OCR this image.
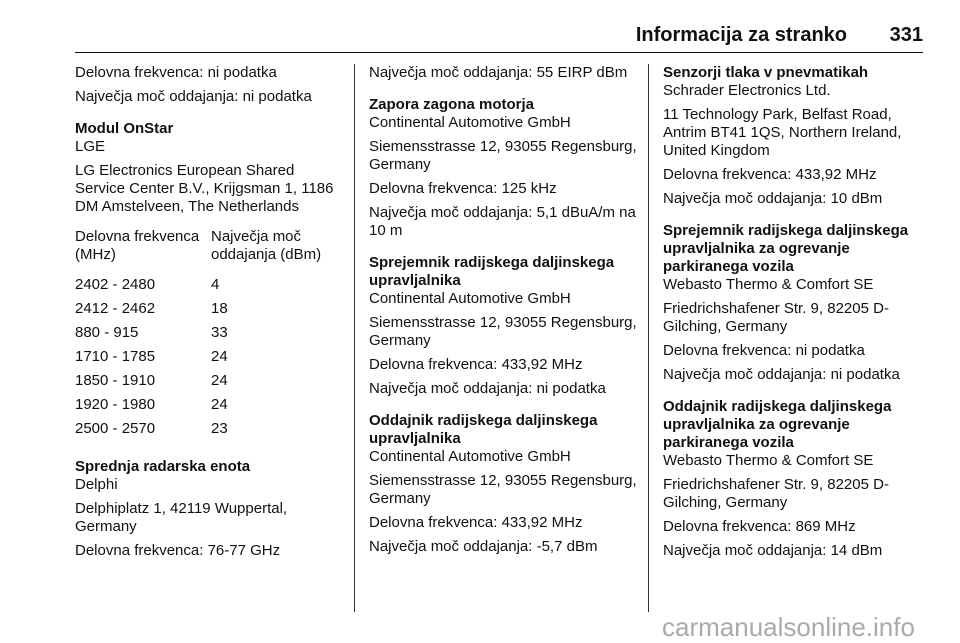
Informacija za stranko 331

Delovna frekvenca: ni podatka

Največja moč oddajanja: ni podatka

Modul OnStar

LGE

LG Electronics European Shared Service Center B.V., Krijgsman 1, 1186 DM Amstelveen, The Netherlands

Delovna frekvenca (MHz)	Največja moč oddajanja (dBm)
2402 - 2480	4
2412 - 2462	18
880 - 915	33
1710 - 1785	24
1850 - 1910	24
1920 - 1980	24
2500 - 2570	23

Sprednja radarska enota

Delphi

Delphiplatz 1, 42119 Wuppertal, Germany

Delovna frekvenca: 76-77 GHz

Največja moč oddajanja: 55 EIRP dBm

Zapora zagona motorja

Continental Automotive GmbH

Siemensstrasse 12, 93055 Regensburg, Germany

Delovna frekvenca: 125 kHz

Največja moč oddajanja: 5,1 dBuA/m na 10 m

Sprejemnik radijskega daljinskega upravljalnika

Continental Automotive GmbH

Siemensstrasse 12, 93055 Regensburg, Germany

Delovna frekvenca: 433,92 MHz

Največja moč oddajanja: ni podatka

Oddajnik radijskega daljinskega upravljalnika

Continental Automotive GmbH

Siemensstrasse 12, 93055 Regensburg, Germany

Delovna frekvenca: 433,92 MHz

Največja moč oddajanja: -5,7 dBm

Senzorji tlaka v pnevmatikah

Schrader Electronics Ltd.

11 Technology Park, Belfast Road, Antrim BT41 1QS, Northern Ireland, United Kingdom

Delovna frekvenca: 433,92 MHz

Največja moč oddajanja: 10 dBm

Sprejemnik radijskega daljinskega upravljalnika za ogrevanje parkiranega vozila

Webasto Thermo & Comfort SE

Friedrichshafener Str. 9, 82205 D-Gilching, Germany

Delovna frekvenca: ni podatka

Največja moč oddajanja: ni podatka

Oddajnik radijskega daljinskega upravljalnika za ogrevanje parkiranega vozila

Webasto Thermo & Comfort SE

Friedrichshafener Str. 9, 82205 D-Gilching, Germany

Delovna frekvenca: 869 MHz

Največja moč oddajanja: 14 dBm

carmanualsonline.info
